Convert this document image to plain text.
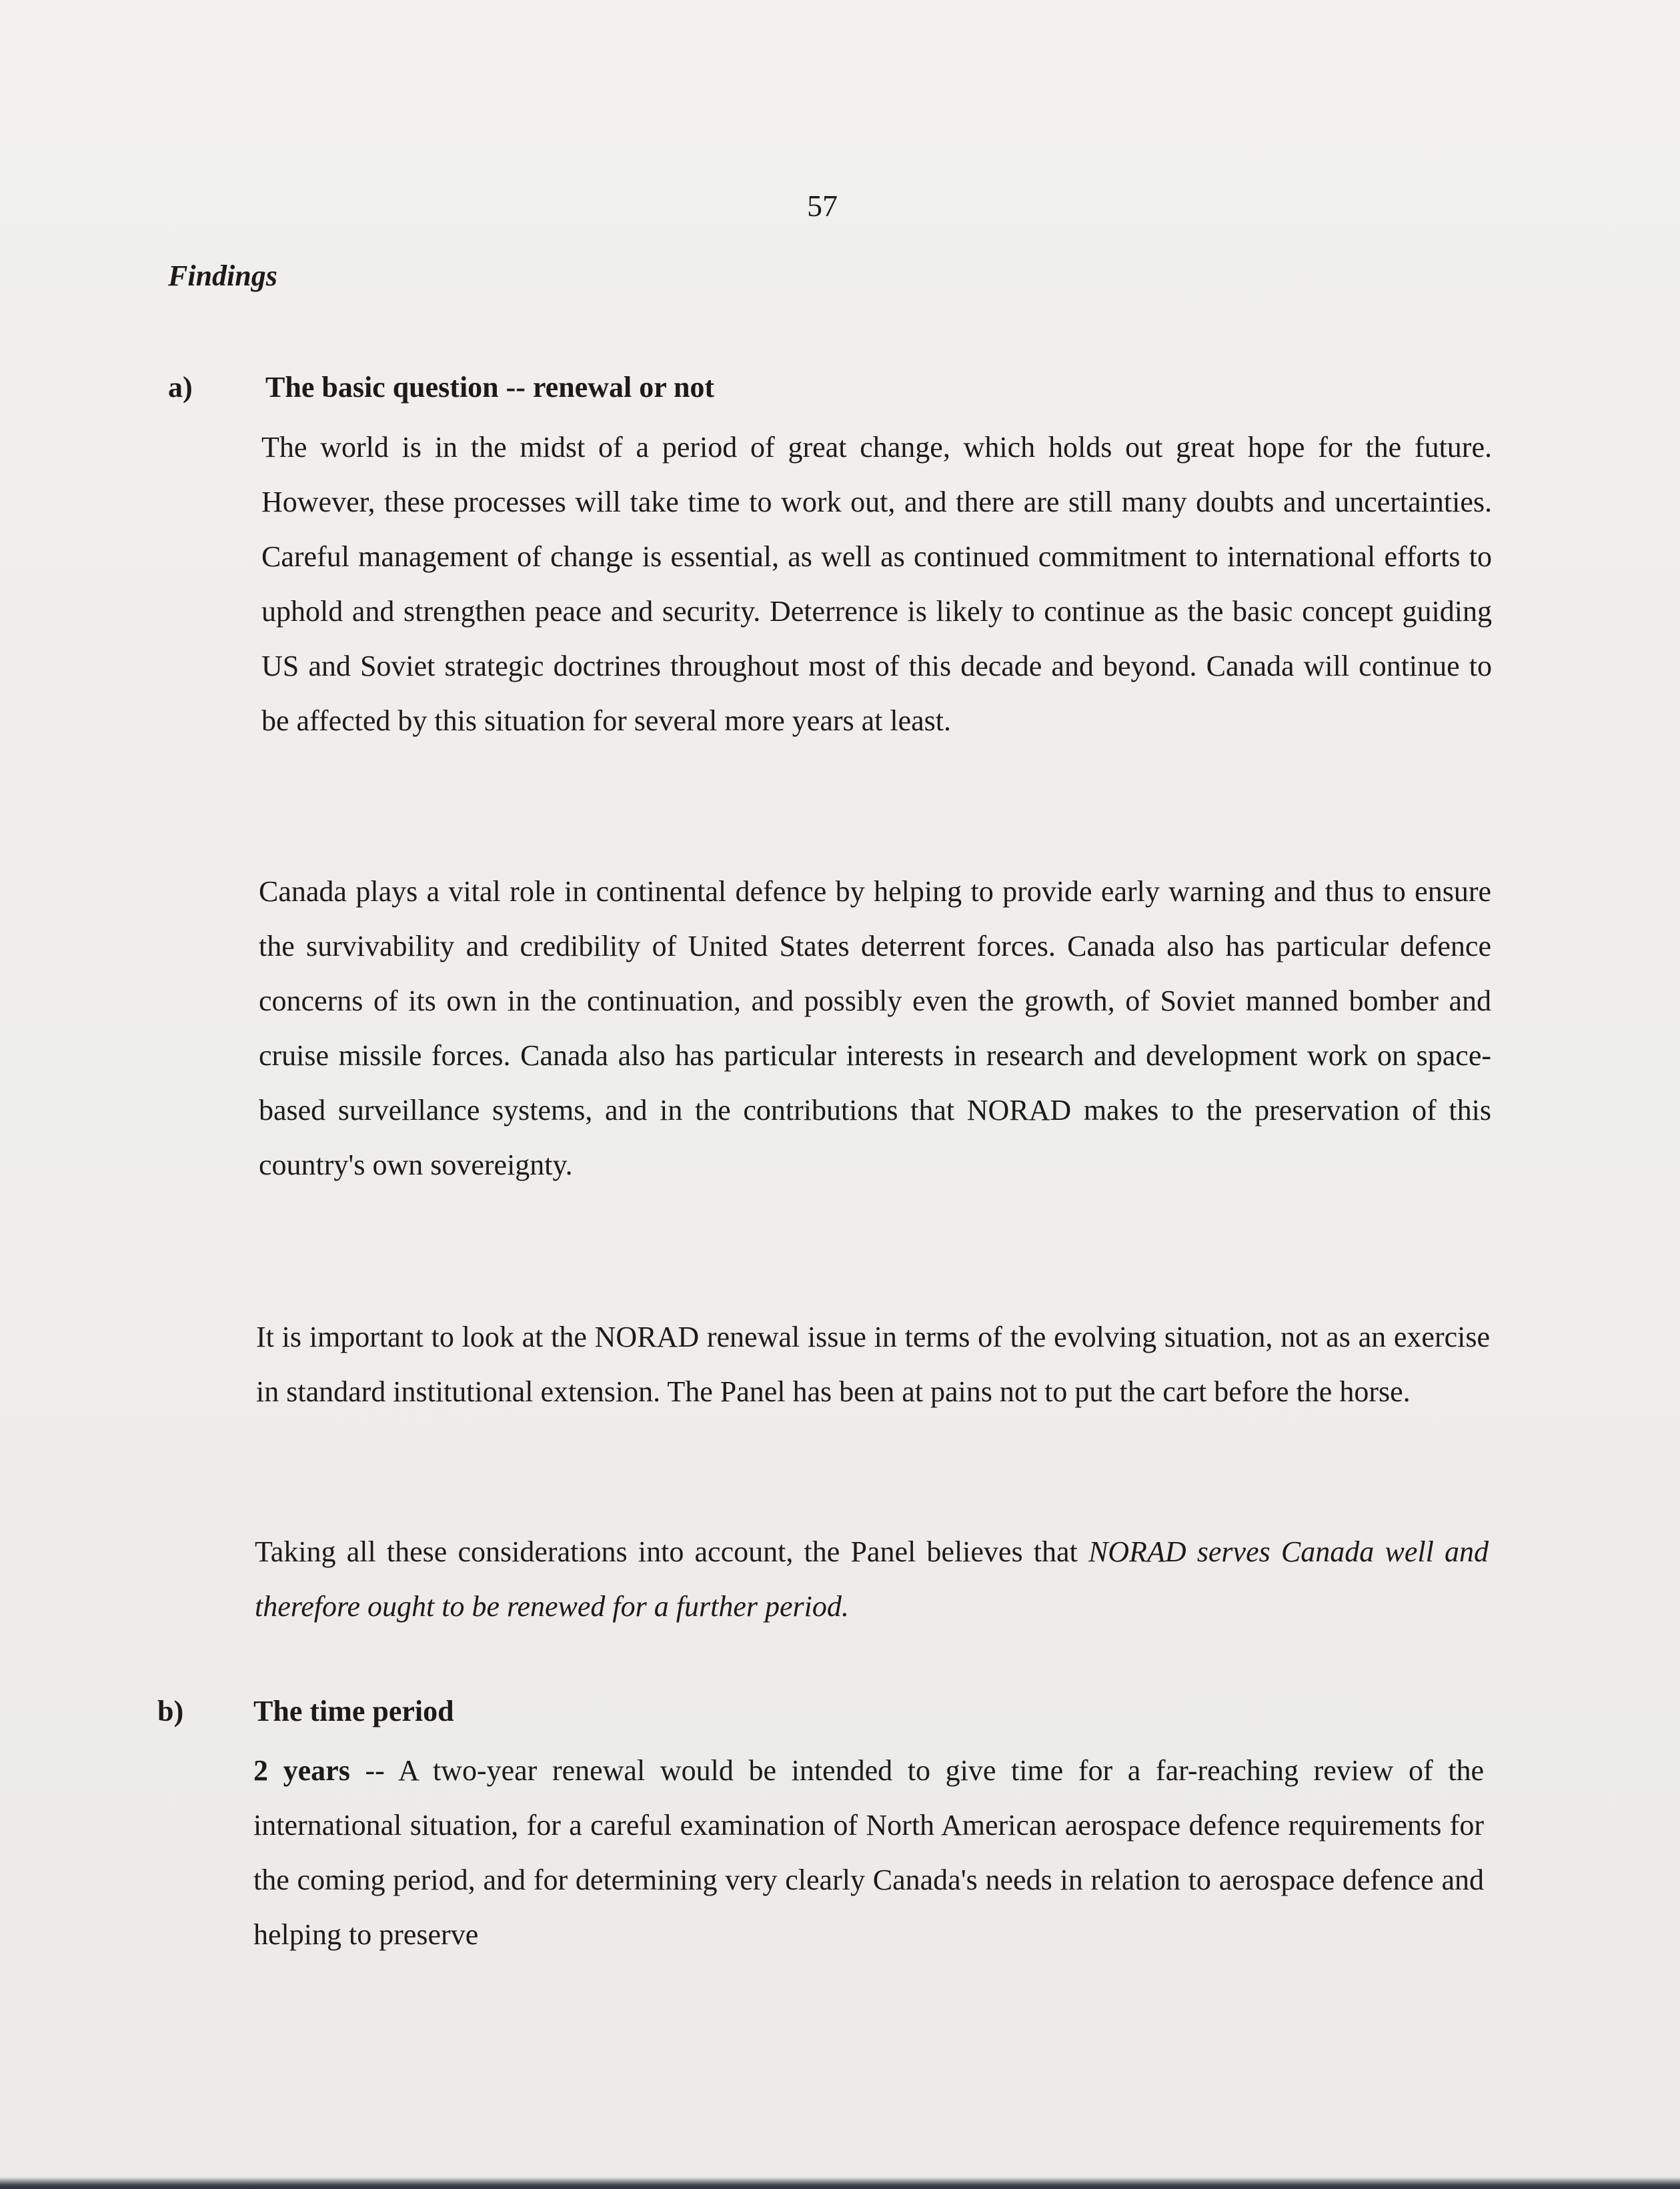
57
Findings
a) The basic question -- renewal or not

The world is in the midst of a period of great change, which holds out great hope for the future. However, these processes will take time to work out, and there are still many doubts and uncertainties. Careful management of change is essential, as well as continued commitment to international efforts to uphold and strengthen peace and security. Deterrence is likely to continue as the basic concept guiding US and Soviet strategic doctrines throughout most of this decade and beyond. Canada will continue to be affected by this situation for several more years at least.

Canada plays a vital role in continental defence by helping to provide early warning and thus to ensure the survivability and credibility of United States deterrent forces. Canada also has particular defence concerns of its own in the continuation, and possibly even the growth, of Soviet manned bomber and cruise missile forces. Canada also has particular interests in research and development work on space-based surveillance systems, and in the contributions that NORAD makes to the preservation of this country's own sovereignty.

It is important to look at the NORAD renewal issue in terms of the evolving situation, not as an exercise in standard institutional extension. The Panel has been at pains not to put the cart before the horse.

Taking all these considerations into account, the Panel believes that NORAD serves Canada well and therefore ought to be renewed for a further period.

b) The time period

2 years -- A two-year renewal would be intended to give time for a far-reaching review of the international situation, for a careful examination of North American aerospace defence requirements for the coming period, and for determining very clearly Canada's needs in relation to aerospace defence and helping to preserve
